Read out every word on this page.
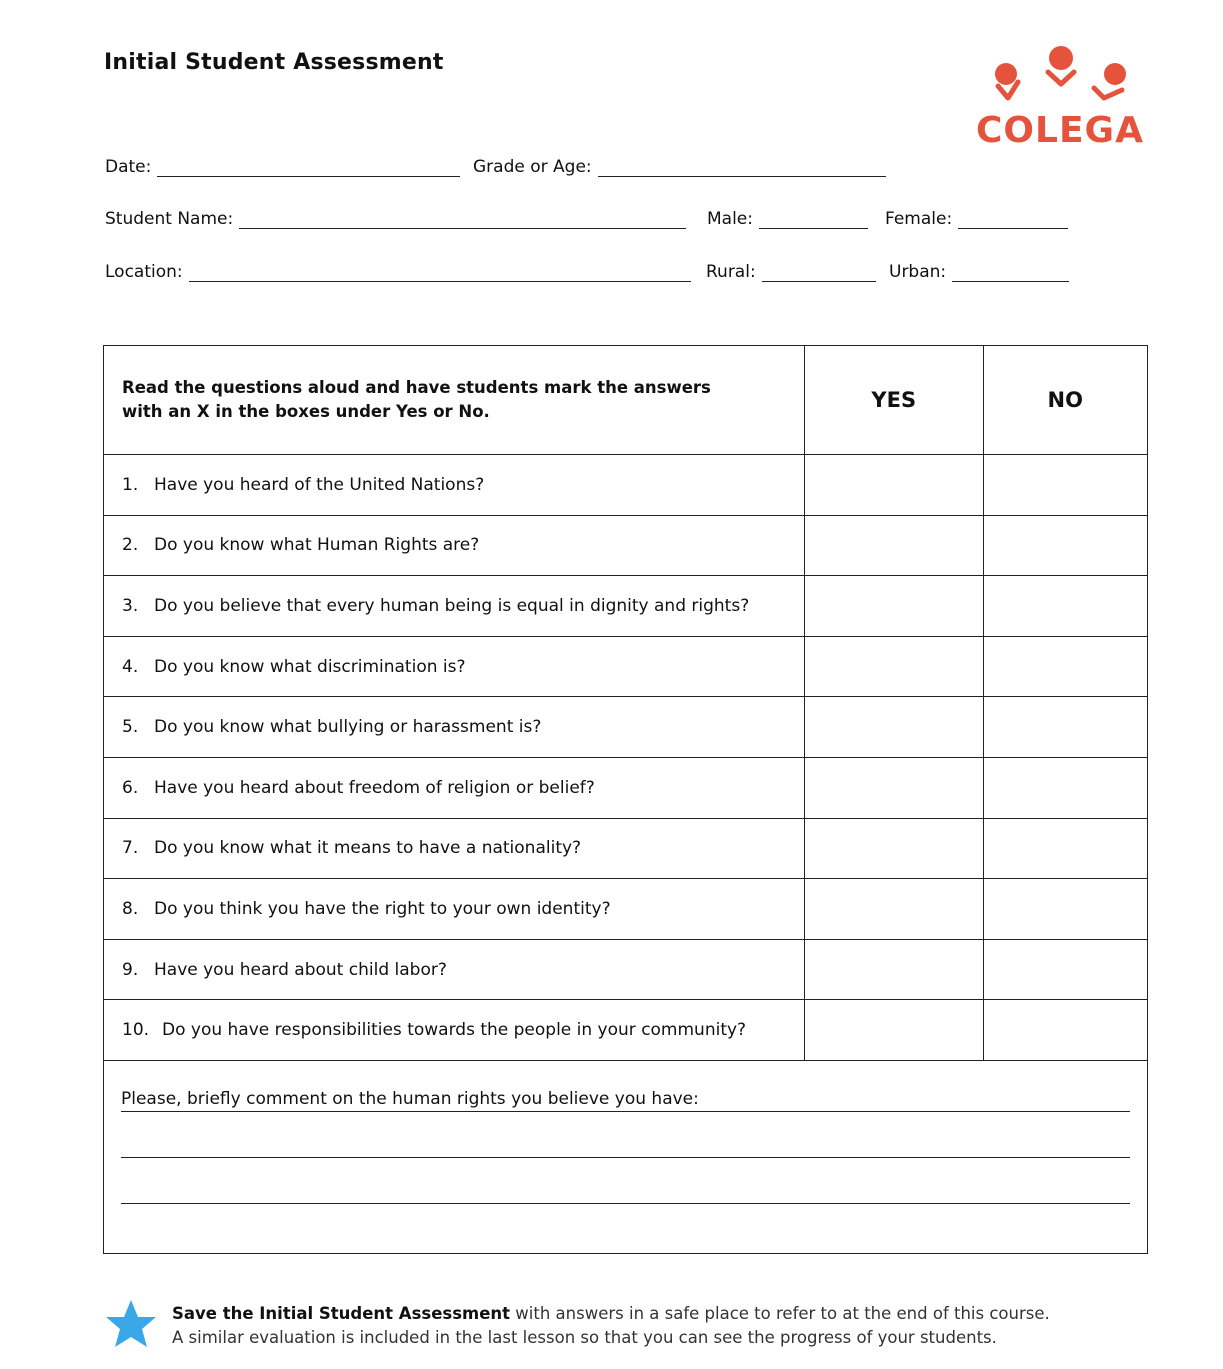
Initial Student Assessment
COLEGA
Date:	Grade or Age:
Student Name:	Male:	Female:
Location:	Rural:	Urban:
Read the questions aloud and have students mark the answers
with an X in the boxes under Yes or No.	YES	NO
1. Have you heard of the United Nations?		
2. Do you know what Human Rights are?		
3. Do you believe that every human being is equal in dignity and rights?		
4. Do you know what discrimination is?		
5. Do you know what bullying or harassment is?		
6. Have you heard about freedom of religion or belief?		
7. Do you know what it means to have a nationality?		
8. Do you think you have the right to your own identity?		
9. Have you heard about child labor?		
10. Do you have responsibilities towards the people in your community?		

Please, briefly comment on the human rights you believe you have:		
Save the Initial Student Assessment with answers in a safe place to refer to at the end of this course.
A similar evaluation is included in the last lesson so that you can see the progress of your students.
